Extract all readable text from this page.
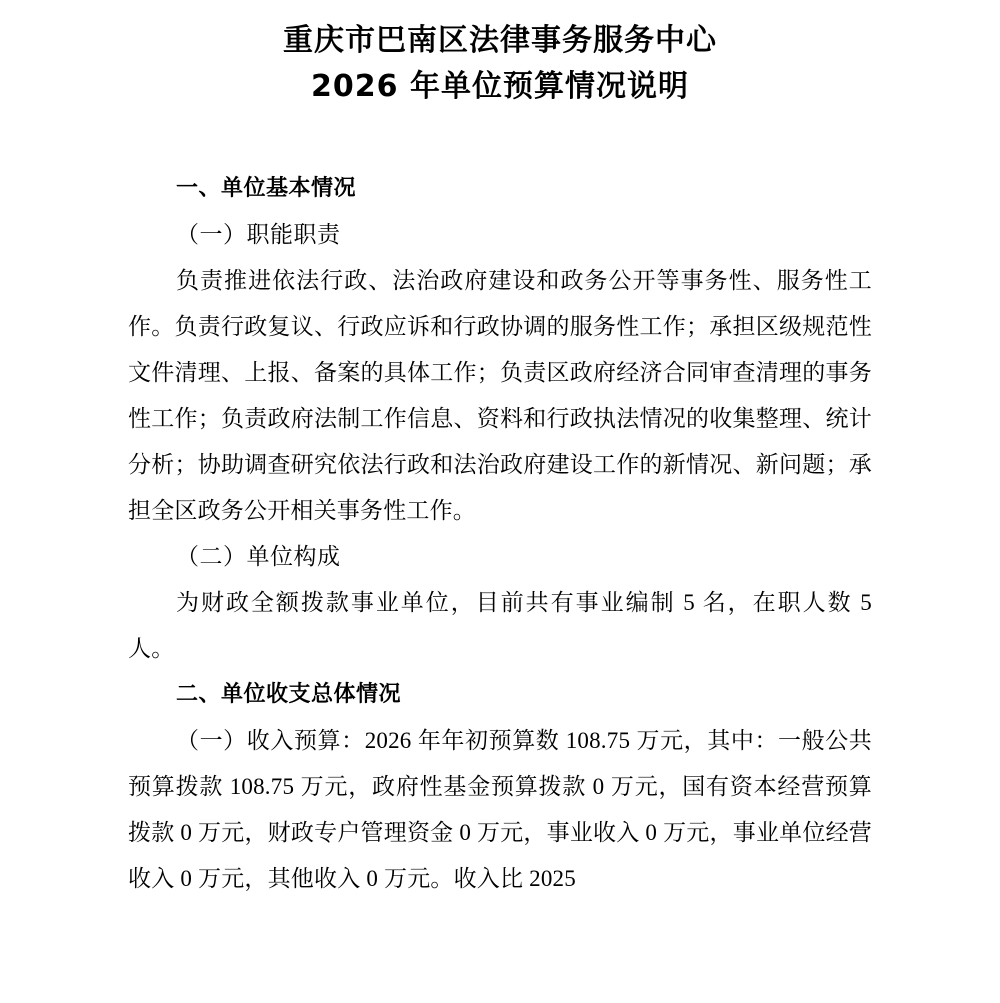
重庆市巴南区法律事务服务中心
2026 年单位预算情况说明
一、单位基本情况

（一）职能职责

负责推进依法行政、法治政府建设和政务公开等事务性、服务性工作。负责行政复议、行政应诉和行政协调的服务性工作；承担区级规范性文件清理、上报、备案的具体工作；负责区政府经济合同审查清理的事务性工作；负责政府法制工作信息、资料和行政执法情况的收集整理、统计分析；协助调查研究依法行政和法治政府建设工作的新情况、新问题；承担全区政务公开相关事务性工作。

（二）单位构成

为财政全额拨款事业单位，目前共有事业编制 5 名，在职人数 5 人。

二、单位收支总体情况

（一）收入预算：2026 年年初预算数 108.75 万元，其中：一般公共预算拨款 108.75 万元，政府性基金预算拨款 0 万元，国有资本经营预算拨款 0 万元，财政专户管理资金 0 万元，事业收入 0 万元，事业单位经营收入 0 万元，其他收入 0 万元。收入比 2025
